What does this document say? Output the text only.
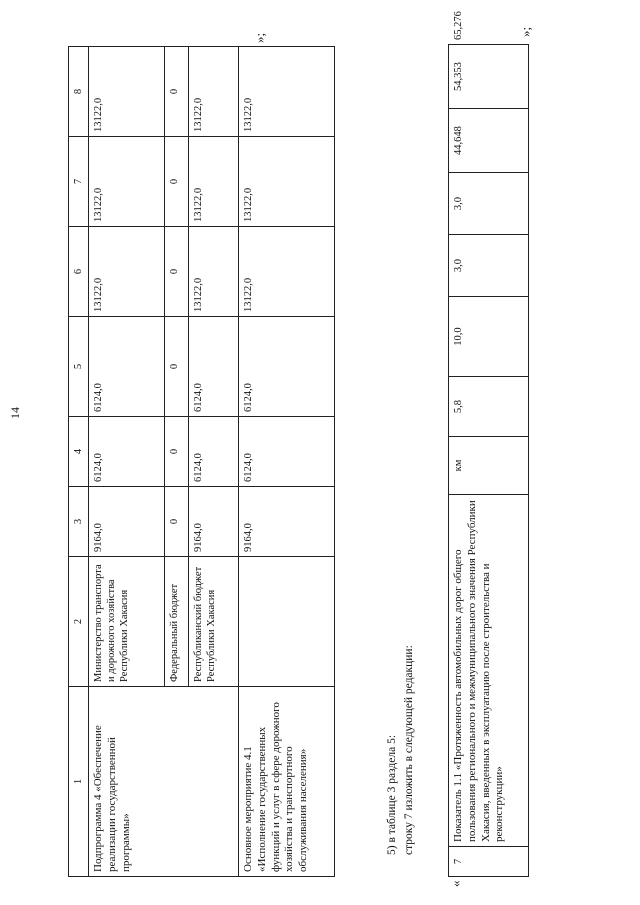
14
1	2	3	4	5	6	7	8
Подпрограмма 4 «Обеспечение реализации государственной программы»	Министерство транспорта и дорожного хозяйства Республики Хакасия	9164,0	6124,0	6124,0	13122,0	13122,0	13122,0
	Федеральный бюджет	0	0	0	0	0	0
	Республиканский бюджет Республики Хакасия	9164,0	6124,0	6124,0	13122,0	13122,0	13122,0
Основное мероприятие 4.1 «Исполнение государственных функций и услуг в сфере дорожного хозяйства и транспортного обслуживания населения»		9164,0	6124,0	6124,0	13122,0	13122,0	13122,0
»;
5) в таблице 3 раздела 5: строку 7 изложить в следующей редакции:
«
7	Показатель 1.1 «Протяженность автомобильных дорог общего пользования регионального и межмуниципального значения Республики Хакасия, введенных в эксплуатацию после строительства и реконструкции»	км	5,8	10,0	3,0	3,0	44,648	54,353	65,276	»;
